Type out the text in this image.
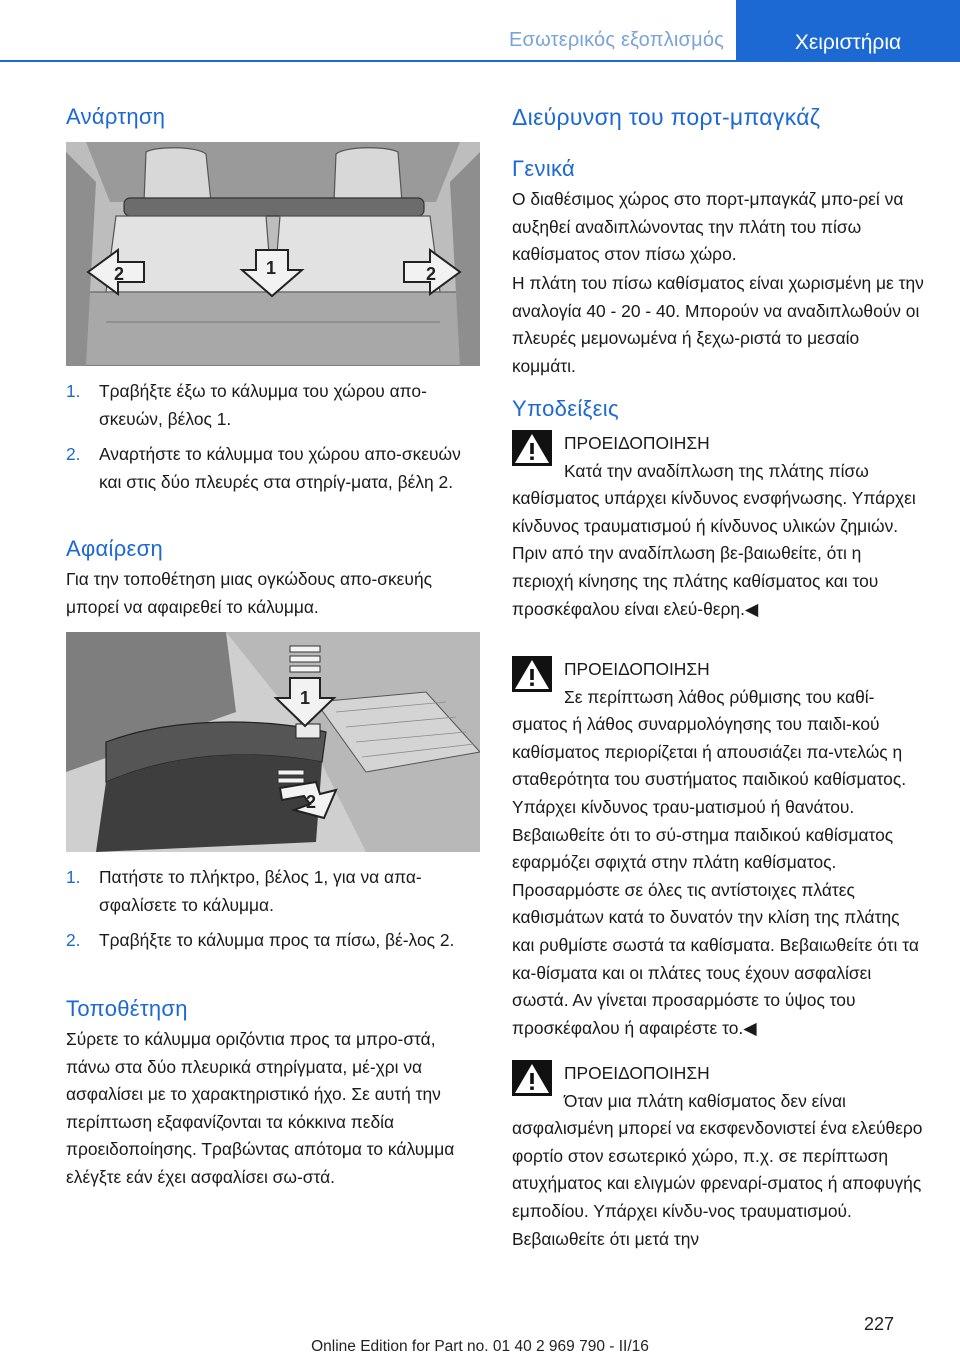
Εσωτερικός εξοπλισμός	Χειριστήρια
Ανάρτηση
2	1	2
1. Τραβήξτε έξω το κάλυμμα του χώρου απο‐σκευών, βέλος 1.
2. Αναρτήστε το κάλυμμα του χώρου απο‐σκευών και στις δύο πλευρές στα στηρίγ‐ματα, βέλη 2.
Αφαίρεση

Για την τοποθέτηση μιας ογκώδους απο‐σκευής μπορεί να αφαιρεθεί το κάλυμμα.

1
2
1. Πατήστε το πλήκτρο, βέλος 1, για να απα‐σφαλίσετε το κάλυμμα.
2. Τραβήξτε το κάλυμμα προς τα πίσω, βέ‐λος 2.
Τοποθέτηση

Σύρετε το κάλυμμα οριζόντια προς τα μπρο‐στά, πάνω στα δύο πλευρικά στηρίγματα, μέ‐χρι να ασφαλίσει με το χαρακτηριστικό ήχο. Σε αυτή την περίπτωση εξαφανίζονται τα κόκκινα πεδία προειδοποίησης. Τραβώντας απότομα το κάλυμμα ελέγξτε εάν έχει ασφαλίσει σω‐στά.

Διεύρυνση του πορτ-μπαγκάζ
Γενικά

Ο διαθέσιμος χώρος στο πορτ-μπαγκάζ μπο‐ρεί να αυξηθεί αναδιπλώνοντας την πλάτη του πίσω καθίσματος στον πίσω χώρο.

Η πλάτη του πίσω καθίσματος είναι χωρισμένη με την αναλογία 40 - 20 - 40. Μπορούν να αναδιπλωθούν οι πλευρές μεμονωμένα ή ξεχω‐ριστά το μεσαίο κομμάτι.

Υποδείξεις
ΠΡΟΕΙΔΟΠΟΙΗΣΗ
Κατά την αναδίπλωση της πλάτης πίσω καθίσματος υπάρχει κίνδυνος ενσφήνωσης. Υπάρχει κίνδυνος τραυματισμού ή κίνδυνος υλικών ζημιών. Πριν από την αναδίπλωση βε‐βαιωθείτε, ότι η περιοχή κίνησης της πλάτης καθίσματος και του προσκέφαλου είναι ελεύ‐θερη.◀
ΠΡΟΕΙΔΟΠΟΙΗΣΗ
Σε περίπτωση λάθος ρύθμισης του καθί‐σματος ή λάθος συναρμολόγησης του παιδι‐κού καθίσματος περιορίζεται ή απουσιάζει πα‐ντελώς η σταθερότητα του συστήματος παιδικού καθίσματος. Υπάρχει κίνδυνος τραυ‐ματισμού ή θανάτου. Βεβαιωθείτε ότι το σύ‐στημα παιδικού καθίσματος εφαρμόζει σφιχτά στην πλάτη καθίσματος. Προσαρμόστε σε όλες τις αντίστοιχες πλάτες καθισμάτων κατά το δυνατόν την κλίση της πλάτης και ρυθμίστε σωστά τα καθίσματα. Βεβαιωθείτε ότι τα κα‐θίσματα και οι πλάτες τους έχουν ασφαλίσει σωστά. Αν γίνεται προσαρμόστε το ύψος του προσκέφαλου ή αφαιρέστε το.◀
ΠΡΟΕΙΔΟΠΟΙΗΣΗ
Όταν μια πλάτη καθίσματος δεν είναι ασφαλισμένη μπορεί να εκσφενδονιστεί ένα ελεύθερο φορτίο στον εσωτερικό χώρο, π.χ. σε περίπτωση ατυχήματος και ελιγμών φρεναρί‐σματος ή αποφυγής εμποδίου. Υπάρχει κίνδυ‐νος τραυματισμού. Βεβαιωθείτε ότι μετά την
227
Online Edition for Part no. 01 40 2 969 790 - II/16
